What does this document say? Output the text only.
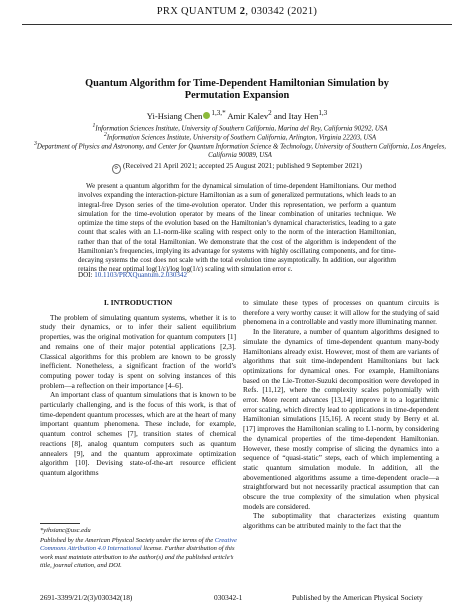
PRX QUANTUM 2, 030342 (2021)
Quantum Algorithm for Time-Dependent Hamiltonian Simulation by Permutation Expansion
Yi-Hsiang Chen $^{1,3,*}$ Amir Kalev$^2$ and Itay Hen$^{1,3}$
$^1$Information Sciences Institute, University of Southern California, Marina del Rey, California 90292, USA
$^2$Information Sciences Institute, University of Southern California, Arlington, Virginia 22203, USA
$^3$Department of Physics and Astronomy, and Center for Quantum Information Science & Technology, University of Southern California, Los Angeles, California 90089, USA
⟳ (Received 21 April 2021; accepted 25 August 2021; published 9 September 2021)

We present a quantum algorithm for the dynamical simulation of time-dependent Hamiltonians. Our method involves expanding the interaction-picture Hamiltonian as a sum of generalized permutations, which leads to an integral-free Dyson series of the time-evolution operator. Under this representation, we perform a quantum simulation for the time-evolution operator by means of the linear combination of unitaries technique. We optimize the time steps of the evolution based on the Hamiltonian’s dynamical characteristics, leading to a gate count that scales with an L1-norm-like scaling with respect only to the norm of the interaction Hamiltonian, rather than that of the total Hamiltonian. We demonstrate that the cost of the algorithm is independent of the Hamiltonian’s frequencies, implying its advantage for systems with highly oscillating components, and for time-decaying systems the cost does not scale with the total evolution time asymptotically. In addition, our algorithm retains the near optimal log(1/ε)/log log(1/ε) scaling with simulation error ε.

DOI: 10.1103/PRXQuantum.2.030342
I. INTRODUCTION

The problem of simulating quantum systems, whether it is to study their dynamics, or to infer their salient equilibrium properties, was the original motivation for quantum computers [1] and remains one of their major potential applications [2,3]. Classical algorithms for this problem are known to be grossly inefficient. Nonetheless, a significant fraction of the world’s computing power today is spent on solving instances of this problem—a reflection on their importance [4–6].

An important class of quantum simulations that is known to be particularly challenging, and is the focus of this work, is that of time-dependent quantum processes, which are at the heart of many important quantum phenomena. These include, for example, quantum control schemes [7], transition states of chemical reactions [8], analog quantum computers such as quantum annealers [9], and the quantum approximate optimization algorithm [10]. Devising state-of-the-art resource efficient quantum algorithms

to simulate these types of processes on quantum circuits is therefore a very worthy cause: it will allow for the studying of said phenomena in a controllable and vastly more illuminating manner.

In the literature, a number of quantum algorithms designed to simulate the dynamics of time-dependent quantum many-body Hamiltonians already exist. However, most of them are variants of algorithms that suit time-independent Hamiltonians but lack optimizations for dynamical ones. For example, Hamiltonians based on the Lie-Trotter-Suzuki decomposition were developed in Refs. [11,12], where the complexity scales polynomially with error. More recent advances [13,14] improve it to a logarithmic error scaling, which directly lead to applications in time-dependent Hamiltonian simulations [15,16]. A recent study by Berry et al. [17] improves the Hamiltonian scaling to L1-norm, by considering the dynamical properties of the time-dependent Hamiltonian. However, these mostly comprise of slicing the dynamics into a sequence of “quasi-static” steps, each of which implementing a static quantum simulation module. In addition, all the abovementioned algorithms assume a time-dependent oracle—a straightforward but not necessarily practical assumption that can obscure the true complexity of the simulation when physical models are considered.

The suboptimality that characterizes existing quantum algorithms can be attributed mainly to the fact that the

*yihsianc@usc.edu

Published by the American Physical Society under the terms of the Creative Commons Attribution 4.0 International license. Further distribution of this work must maintain attribution to the author(s) and the published article’s title, journal citation, and DOI.

2691-3399/21/2(3)/030342(18)	030342-1	Published by the American Physical Society
